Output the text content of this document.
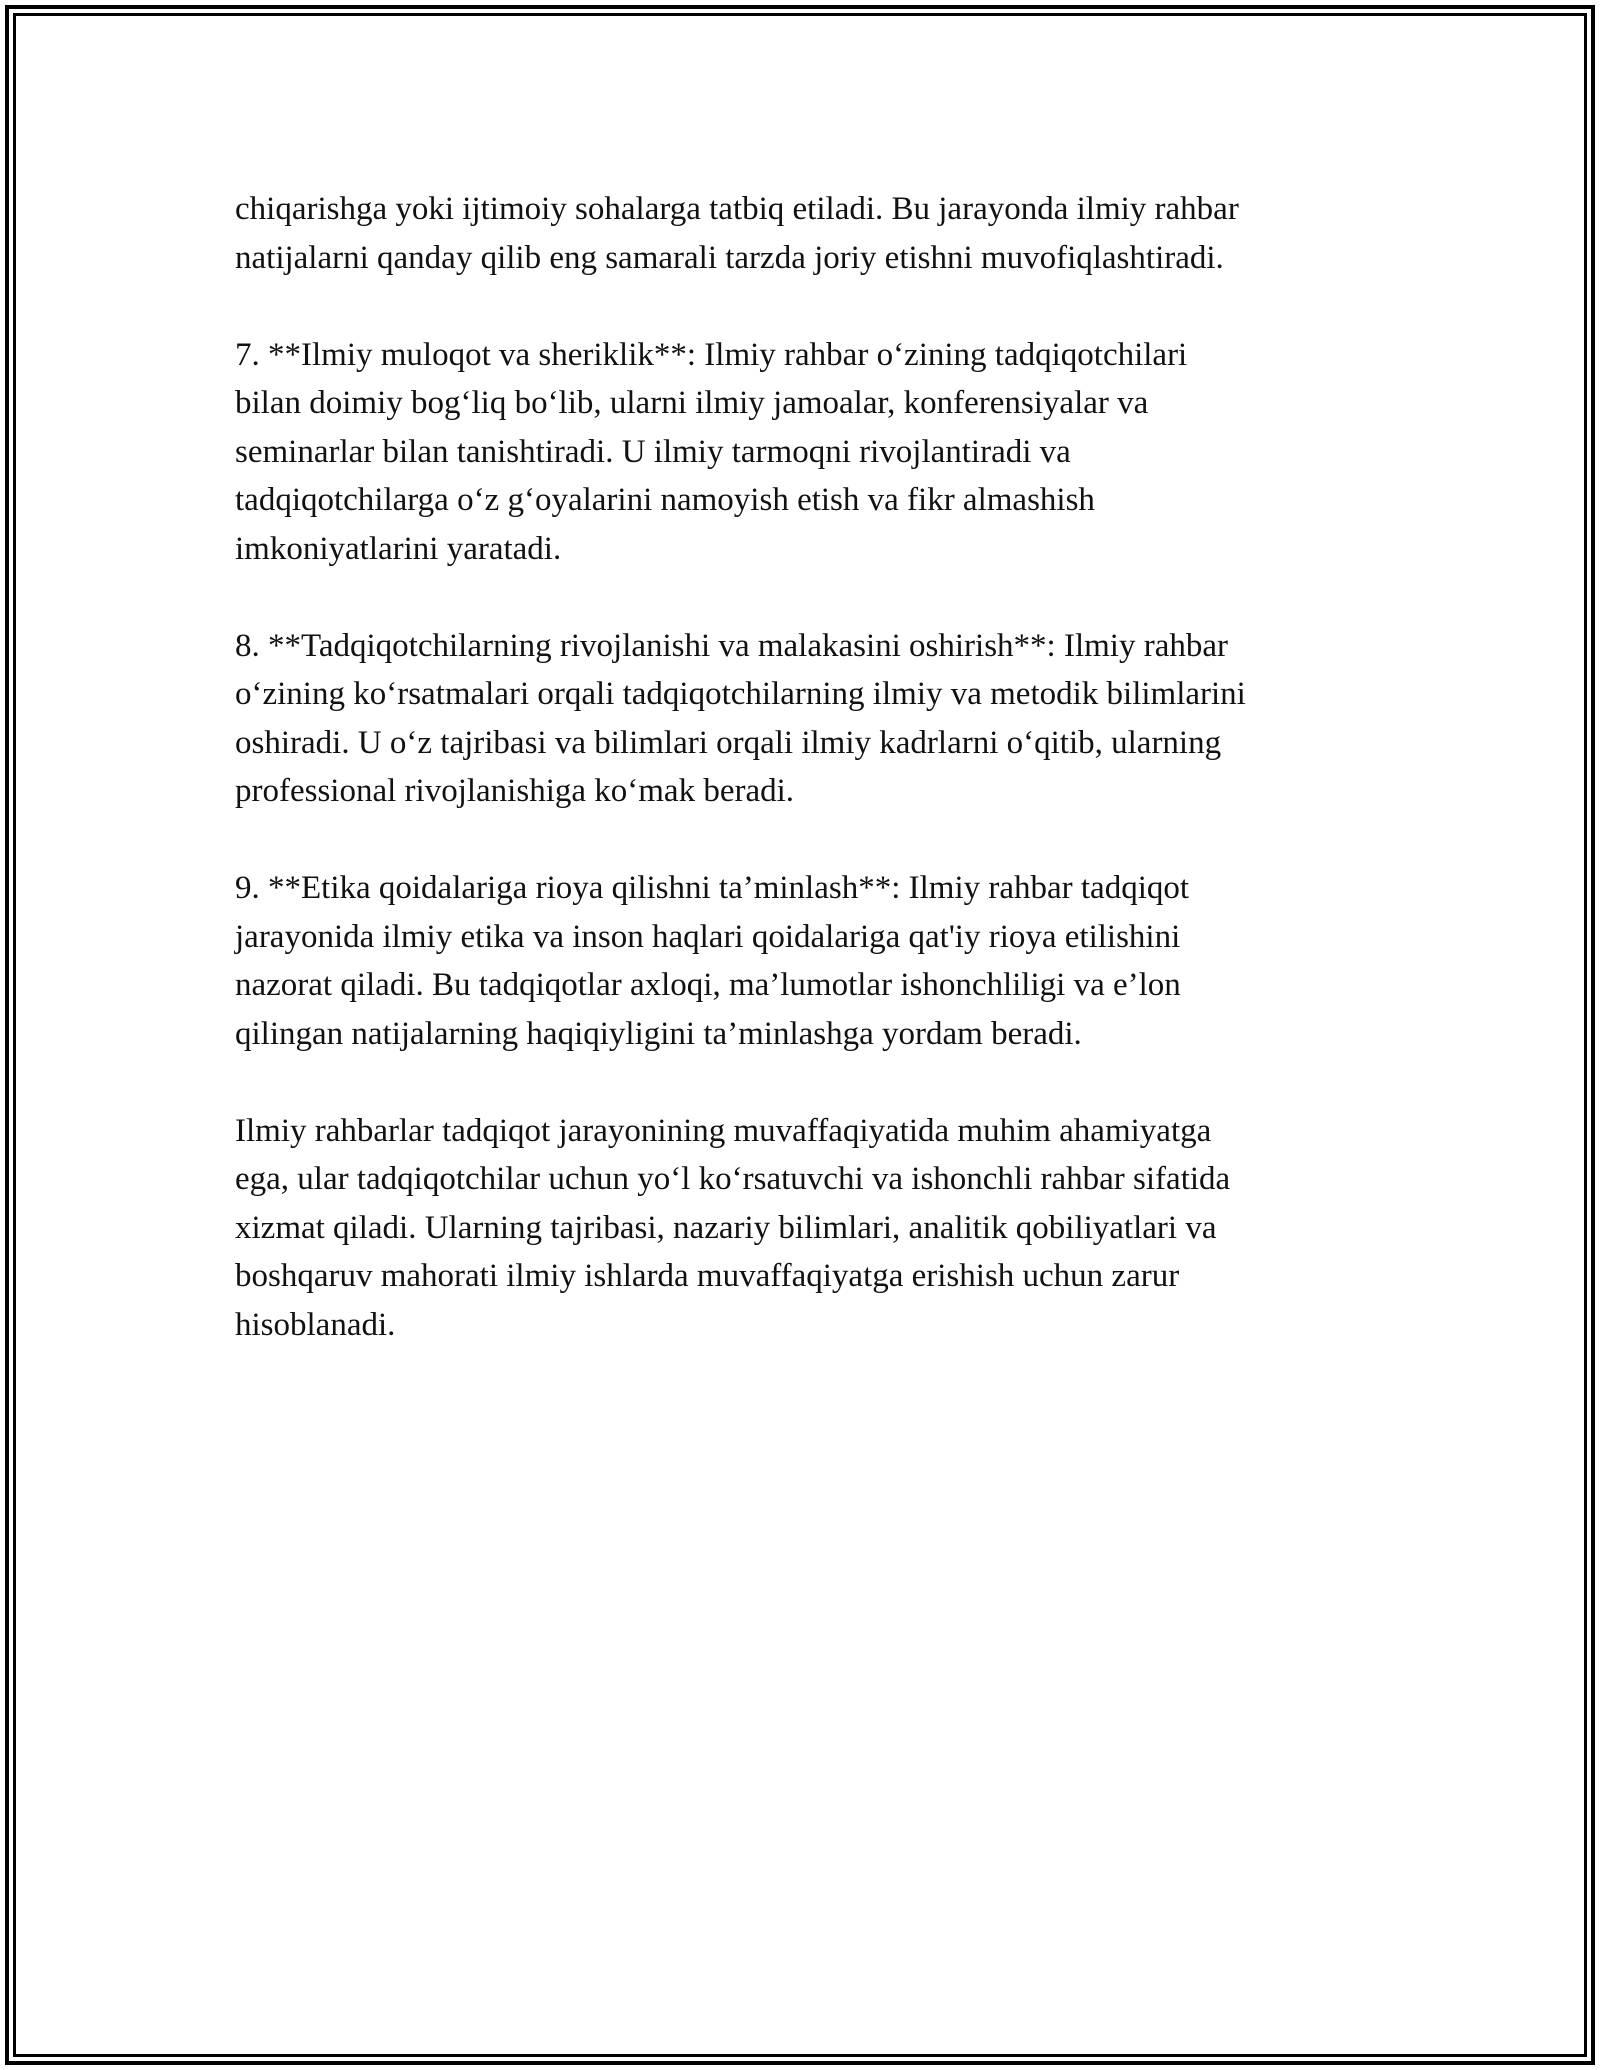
chiqarishga yoki ijtimoiy sohalarga tatbiq etiladi. Bu jarayonda ilmiy rahbar
natijalarni qanday qilib eng samarali tarzda joriy etishni muvofiqlashtiradi.

7. **Ilmiy muloqot va sheriklik**: Ilmiy rahbar o‘zining tadqiqotchilari
bilan doimiy bog‘liq bo‘lib, ularni ilmiy jamoalar, konferensiyalar va
seminarlar bilan tanishtiradi. U ilmiy tarmoqni rivojlantiradi va
tadqiqotchilarga o‘z g‘oyalarini namoyish etish va fikr almashish
imkoniyatlarini yaratadi.

8. **Tadqiqotchilarning rivojlanishi va malakasini oshirish**: Ilmiy rahbar
o‘zining ko‘rsatmalari orqali tadqiqotchilarning ilmiy va metodik bilimlarini
oshiradi. U o‘z tajribasi va bilimlari orqali ilmiy kadrlarni o‘qitib, ularning
professional rivojlanishiga ko‘mak beradi.

9. **Etika qoidalariga rioya qilishni ta’minlash**: Ilmiy rahbar tadqiqot
jarayonida ilmiy etika va inson haqlari qoidalariga qat'iy rioya etilishini
nazorat qiladi. Bu tadqiqotlar axloqi, ma’lumotlar ishonchliligi va e’lon
qilingan natijalarning haqiqiyligini ta’minlashga yordam beradi.

Ilmiy rahbarlar tadqiqot jarayonining muvaffaqiyatida muhim ahamiyatga
ega, ular tadqiqotchilar uchun yo‘l ko‘rsatuvchi va ishonchli rahbar sifatida
xizmat qiladi. Ularning tajribasi, nazariy bilimlari, analitik qobiliyatlari va
boshqaruv mahorati ilmiy ishlarda muvaffaqiyatga erishish uchun zarur
hisoblanadi.
